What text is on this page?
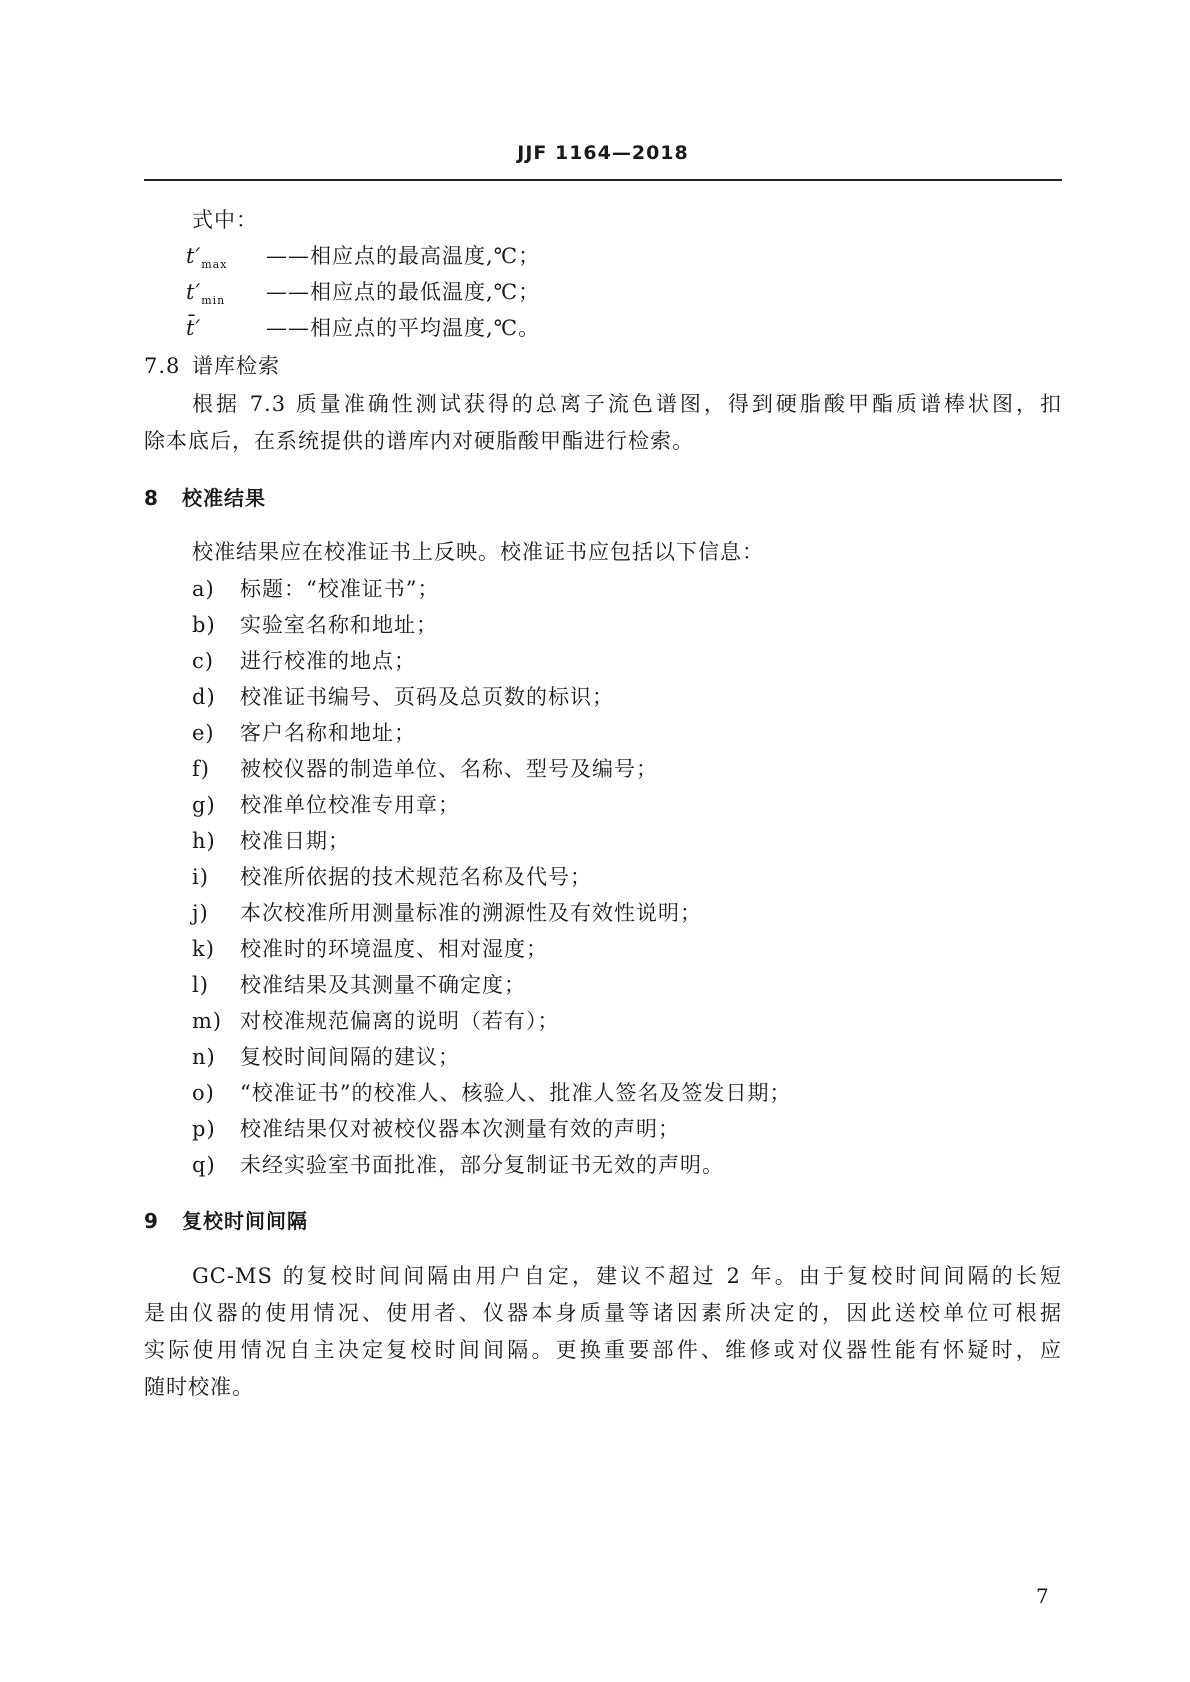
JJF 1164—2018
式中：
$t'_{max}$ ——相应点的最高温度,℃；
$t'_{min}$ ——相应点的最低温度,℃；
t̄′	——相应点的平均温度,℃。
7.8 谱库检索
根据 7.3 质量准确性测试获得的总离子流色谱图，得到硬脂酸甲酯质谱棒状图，扣
除本底后，在系统提供的谱库内对硬脂酸甲酯进行检索。
8 校准结果
校准结果应在校准证书上反映。校准证书应包括以下信息：
a) 标题：“校准证书”；
b) 实验室名称和地址；
c) 进行校准的地点；
d) 校准证书编号、页码及总页数的标识；
e) 客户名称和地址；
f) 被校仪器的制造单位、名称、型号及编号；
g) 校准单位校准专用章；
h) 校准日期；
i) 校准所依据的技术规范名称及代号；
j) 本次校准所用测量标准的溯源性及有效性说明；
k) 校准时的环境温度、相对湿度；
l) 校准结果及其测量不确定度；
m) 对校准规范偏离的说明（若有）；
n) 复校时间间隔的建议；
o) “校准证书”的校准人、核验人、批准人签名及签发日期；
p) 校准结果仅对被校仪器本次测量有效的声明；
q) 未经实验室书面批准，部分复制证书无效的声明。
9 复校时间间隔
GC-MS 的复校时间间隔由用户自定，建议不超过 2 年。由于复校时间间隔的长短
是由仪器的使用情况、使用者、仪器本身质量等诸因素所决定的，因此送校单位可根据
实际使用情况自主决定复校时间间隔。更换重要部件、维修或对仪器性能有怀疑时，应
随时校准。
7
